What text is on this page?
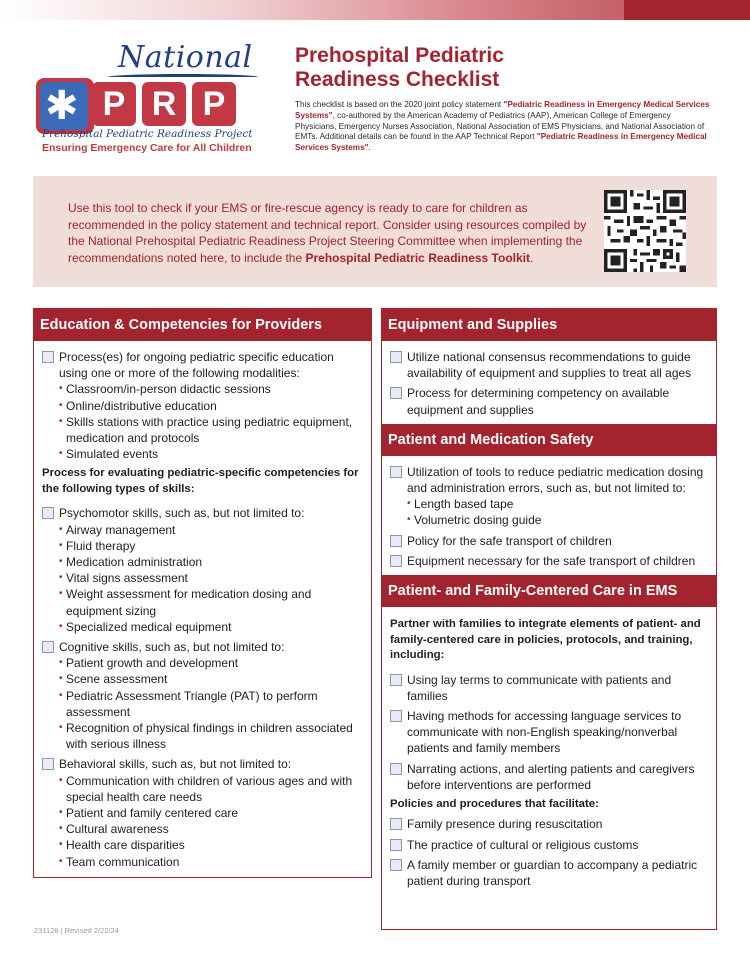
National
✱ P R P
Prehospital Pediatric Readiness Project
Ensuring Emergency Care for All Children
Prehospital Pediatric Readiness Checklist

This checklist is based on the 2020 joint policy statement "Pediatric Readiness in Emergency Medical Services Systems", co-authored by the American Academy of Pediatrics (AAP), American College of Emergency Physicians, Emergency Nurses Association, National Association of EMS Physicians, and National Association of EMTs. Additional details can be found in the AAP Technical Report "Pediatric Readiness in Emergency Medical Services Systems".

Use this tool to check if your EMS or fire-rescue agency is ready to care for children as recommended in the policy statement and technical report. Consider using resources compiled by the National Prehospital Pediatric Readiness Project Steering Committee when implementing the recommendations noted here, to include the Prehospital Pediatric Readiness Toolkit.

Education & Competencies for Providers
Process(es) for ongoing pediatric specific education using one or more of the following modalities:
• Classroom/in-person didactic sessions
• Online/distributive education
• Skills stations with practice using pediatric equipment, medication and protocols
• Simulated events
Process for evaluating pediatric-specific competencies for the following types of skills:
Psychomotor skills, such as, but not limited to:
• Airway management
• Fluid therapy
• Medication administration
• Vital signs assessment
• Weight assessment for medication dosing and equipment sizing
• Specialized medical equipment
Cognitive skills, such as, but not limited to:
• Patient growth and development
• Scene assessment
• Pediatric Assessment Triangle (PAT) to perform assessment
• Recognition of physical findings in children associated with serious illness
Behavioral skills, such as, but not limited to:
• Communication with children of various ages and with special health care needs
• Patient and family centered care
• Cultural awareness
• Health care disparities
• Team communication
Equipment and Supplies
Utilize national consensus recommendations to guide availability of equipment and supplies to treat all ages
Process for determining competency on available equipment and supplies
Patient and Medication Safety
Utilization of tools to reduce pediatric medication dosing and administration errors, such as, but not limited to:
• Length based tape
• Volumetric dosing guide
Policy for the safe transport of children
Equipment necessary for the safe transport of children
Patient- and Family-Centered Care in EMS
Partner with families to integrate elements of patient- and family-centered care in policies, protocols, and training, including:
Using lay terms to communicate with patients and families
Having methods for accessing language services to communicate with non-English speaking/nonverbal patients and family members
Narrating actions, and alerting patients and caregivers before interventions are performed
Policies and procedures that facilitate:
Family presence during resuscitation
The practice of cultural or religious customs
A family member or guardian to accompany a pediatric patient during transport
231128 | Revised 2/22/24
